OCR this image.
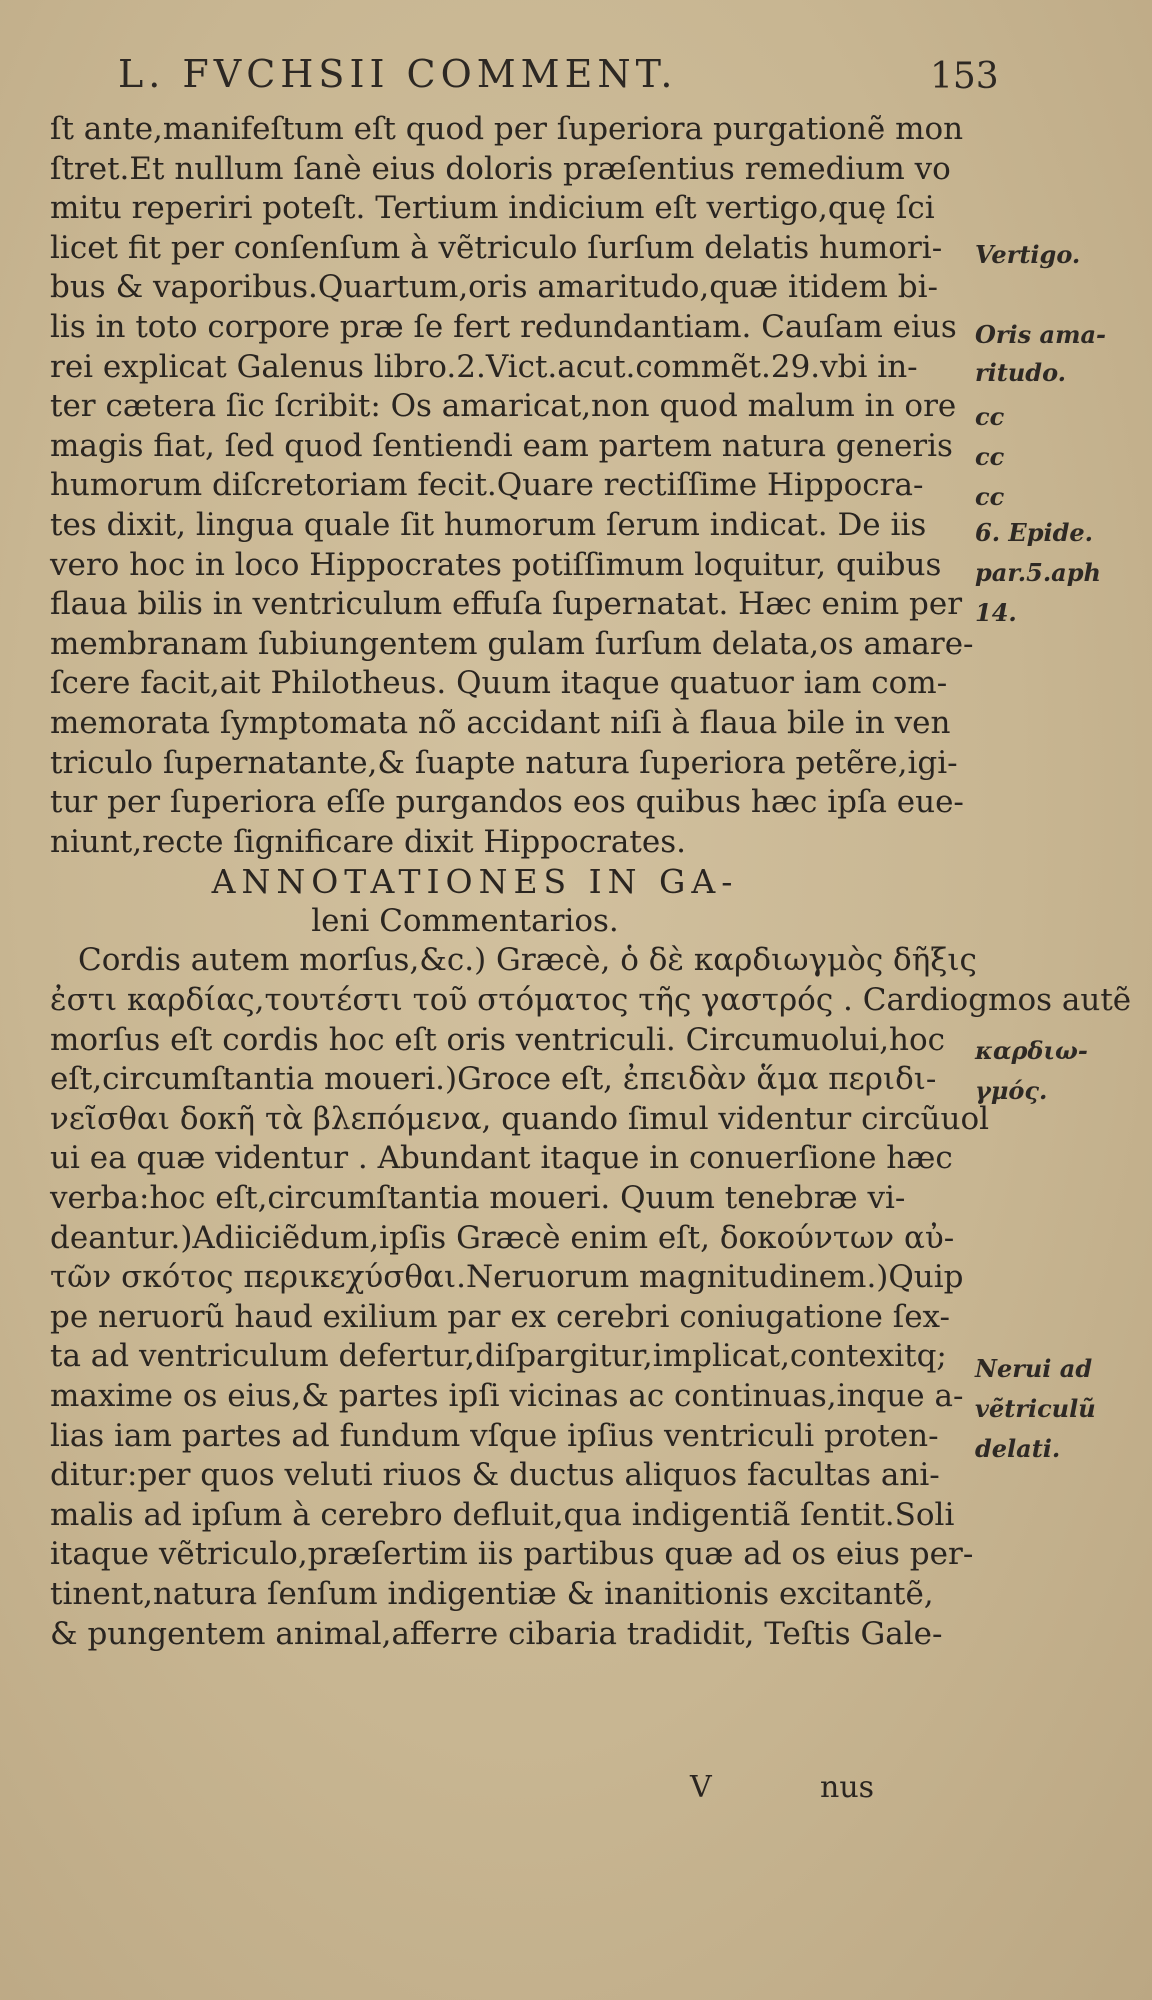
L. FVCHSII COMMENT.	153
ſt ante,manifeſtum eſt quod per ſuperiora purgationẽ mon
ſtret.Et nullum ſanè eius doloris præſentius remedium vo
mitu reperiri poteſt. Tertium indicium eſt vertigo,quę ſci
licet fit per conſenſum à vẽtriculo ſurſum delatis humori-
bus & vaporibus.Quartum,oris amaritudo,quæ itidem bi-
lis in toto corpore præ ſe fert redundantiam. Cauſam eius
rei explicat Galenus libro.2.Vict.acut.commẽt.29.vbi in-
ter cætera ſic ſcribit: Os amaricat,non quod malum in ore
magis fiat, ſed quod ſentiendi eam partem natura generis
humorum diſcretoriam fecit.Quare rectiſſime Hippocra-
tes dixit, lingua quale ſit humorum ſerum indicat. De iis
vero hoc in loco Hippocrates potiſſimum loquitur, quibus
flaua bilis in ventriculum effuſa ſupernatat. Hæc enim per
membranam ſubiungentem gulam ſurſum delata,os amare-
ſcere facit,ait Philotheus. Quum itaque quatuor iam com-
memorata ſymptomata nõ accidant niſi à flaua bile in ven
triculo ſupernatante,& ſuapte natura ſuperiora petẽre,igi-
tur per ſuperiora eſſe purgandos eos quibus hæc ipſa eue-
niunt,recte ſignificare dixit Hippocrates.
ANNOTATIONES IN GA-
leni Commentarios.
Cordis autem morſus,&c.) Græcè, ὁ δὲ καρδιωγμὸς δῆξις
ἐστι καρδίας,τουτέστι τοῦ στόματος τῆς γαστρός . Cardiogmos autẽ
morſus eſt cordis hoc eſt oris ventriculi. Circumuolui,hoc
eſt,circumſtantia moueri.)Groce eſt, ἐπειδὰν ἅμα περιδι-
νεῖσθαι δοκῆ τὰ βλεπόμενα, quando ſimul videntur circũuol
ui ea quæ videntur . Abundant itaque in conuerſione hæc
verba:hoc eſt,circumſtantia moueri. Quum tenebræ vi-
deantur.)Adiiciẽdum,ipſis Græcè enim eſt, δοκούντων αὐ-
τῶν σκότος περικεχύσθαι.Neruorum magnitudinem.)Quip
pe neruorũ haud exilium par ex cerebri coniugatione ſex-
ta ad ventriculum defertur,diſpargitur,implicat,contexitq;
maxime os eius,& partes ipſi vicinas ac continuas,inque a-
lias iam partes ad fundum vſque ipſius ventriculi proten-
ditur:per quos veluti riuos & ductus aliquos facultas ani-
malis ad ipſum à cerebro defluit,qua indigentiã ſentit.Soli
itaque vẽtriculo,præſertim iis partibus quæ ad os eius per-
tinent,natura ſenſum indigentiæ & inanitionis excitantẽ,
& pungentem animal,afferre cibaria tradidit, Teſtis Gale-
Vertigo.
Oris ama-
ritudo.
cc
cc
cc
6. Epide.
par.5.aph
14.
καρδιω-
γμός.
Nerui ad
vẽtriculũ
delati.
V	nus
